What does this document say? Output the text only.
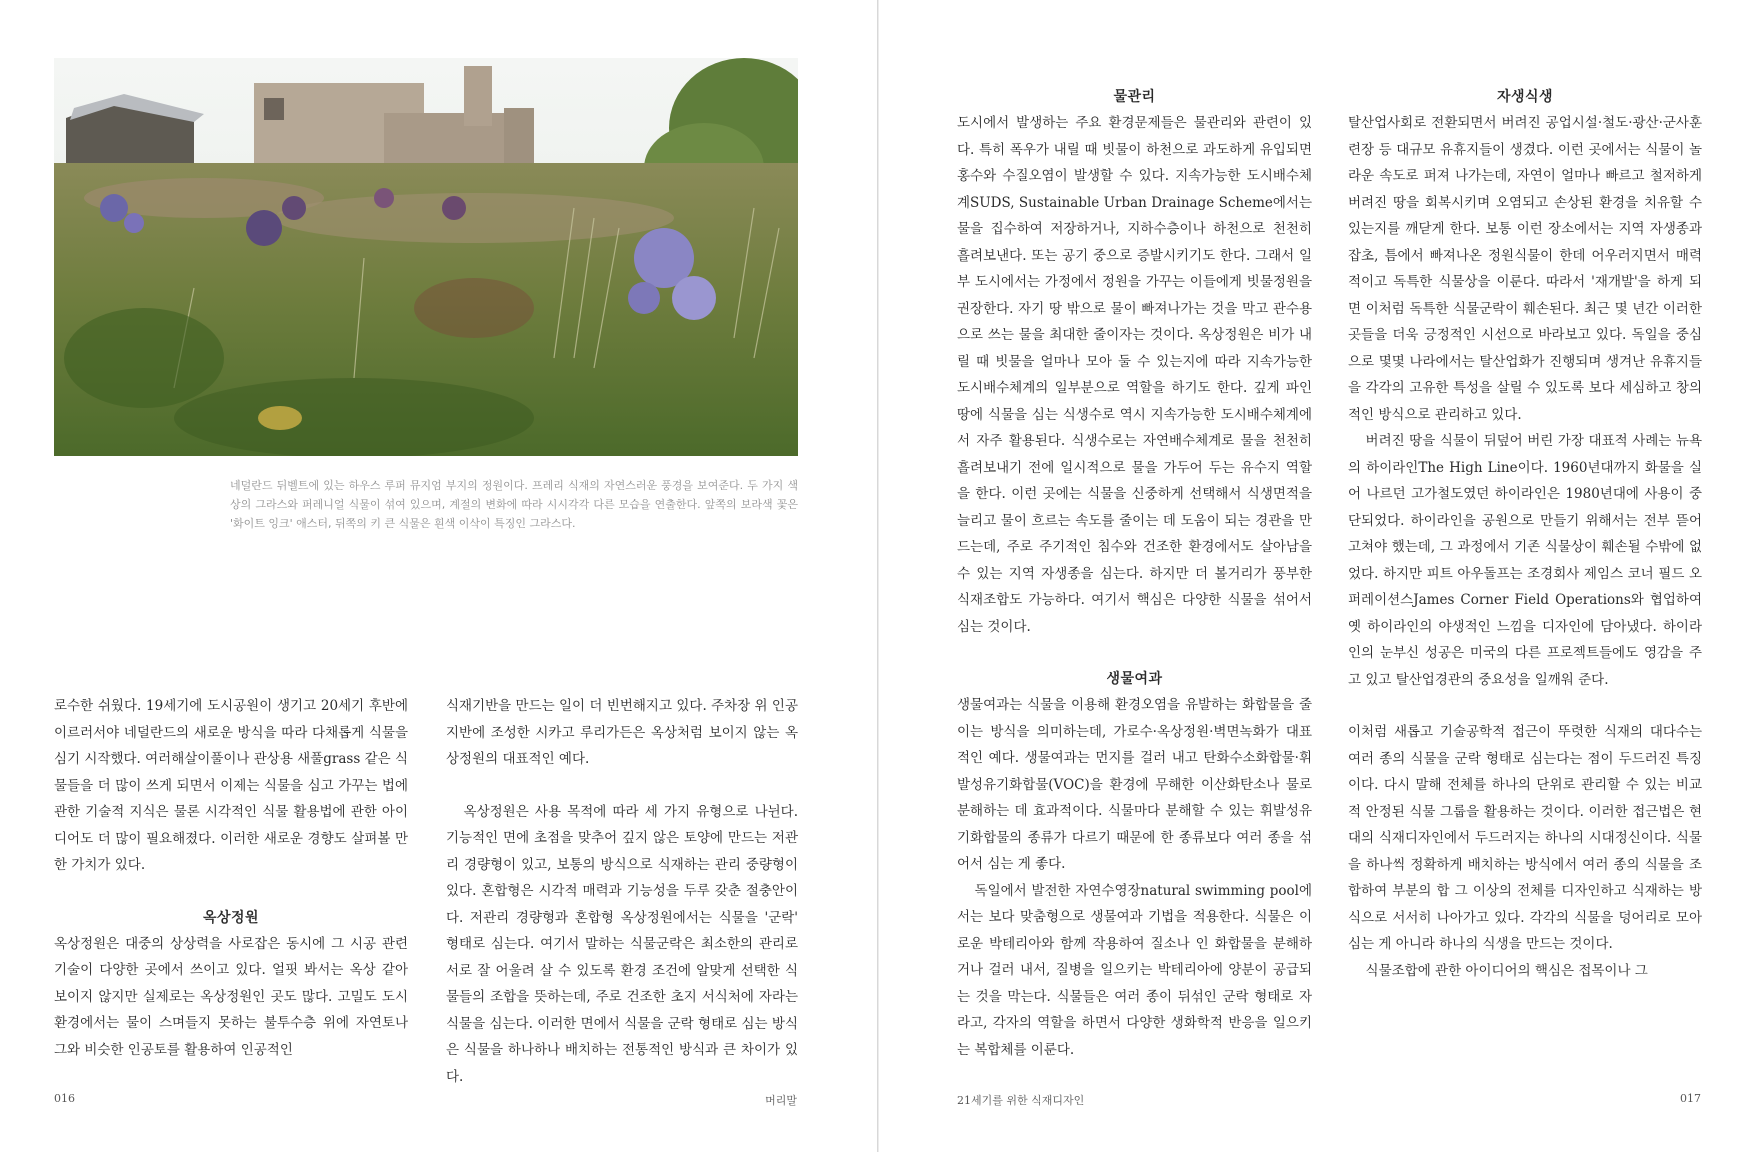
네덜란드 뒤벨트에 있는 하우스 루퍼 뮤지엄 부지의 정원이다. 프레리 식재의 자연스러운 풍경을 보여준다. 두 가지 색상의 그라스와 퍼레니얼 식물이 섞여 있으며, 계절의 변화에 따라 시시각각 다른 모습을 연출한다. 앞쪽의 보라색 꽃은 '화이트 잉크' 애스터, 뒤쪽의 키 큰 식물은 흰색 이삭이 특징인 그라스다.

로수한 쉬웠다. 19세기에 도시공원이 생기고 20세기 후반에 이르러서야 네덜란드의 새로운 방식을 따라 다채롭게 식물을 심기 시작했다. 여러해살이풀이나 관상용 새풀grass 같은 식물들을 더 많이 쓰게 되면서 이제는 식물을 심고 가꾸는 법에 관한 기술적 지식은 물론 시각적인 식물 활용법에 관한 아이디어도 더 많이 필요해졌다. 이러한 새로운 경향도 살펴볼 만한 가치가 있다.

옥상정원

옥상정원은 대중의 상상력을 사로잡은 동시에 그 시공 관련 기술이 다양한 곳에서 쓰이고 있다. 얼핏 봐서는 옥상 같아 보이지 않지만 실제로는 옥상정원인 곳도 많다. 고밀도 도시환경에서는 물이 스며들지 못하는 불투수층 위에 자연토나 그와 비슷한 인공토를 활용하여 인공적인

식재기반을 만드는 일이 더 빈번해지고 있다. 주차장 위 인공지반에 조성한 시카고 루리가든은 옥상처럼 보이지 않는 옥상정원의 대표적인 예다.

옥상정원은 사용 목적에 따라 세 가지 유형으로 나뉜다. 기능적인 면에 초점을 맞추어 깊지 않은 토양에 만드는 저관리 경량형이 있고, 보통의 방식으로 식재하는 관리 중량형이 있다. 혼합형은 시각적 매력과 기능성을 두루 갖춘 절충안이다. 저관리 경량형과 혼합형 옥상정원에서는 식물을 '군락' 형태로 심는다. 여기서 말하는 식물군락은 최소한의 관리로 서로 잘 어울려 살 수 있도록 환경 조건에 알맞게 선택한 식물들의 조합을 뜻하는데, 주로 건조한 초지 서식처에 자라는 식물을 심는다. 이러한 면에서 식물을 군락 형태로 심는 방식은 식물을 하나하나 배치하는 전통적인 방식과 큰 차이가 있다.

016	머리말
물관리

도시에서 발생하는 주요 환경문제들은 물관리와 관련이 있다. 특히 폭우가 내릴 때 빗물이 하천으로 과도하게 유입되면 홍수와 수질오염이 발생할 수 있다. 지속가능한 도시배수체계SUDS, Sustainable Urban Drainage Scheme에서는 물을 집수하여 저장하거나, 지하수층이나 하천으로 천천히 흘려보낸다. 또는 공기 중으로 증발시키기도 한다. 그래서 일부 도시에서는 가정에서 정원을 가꾸는 이들에게 빗물정원을 권장한다. 자기 땅 밖으로 물이 빠져나가는 것을 막고 관수용으로 쓰는 물을 최대한 줄이자는 것이다. 옥상정원은 비가 내릴 때 빗물을 얼마나 모아 둘 수 있는지에 따라 지속가능한 도시배수체계의 일부분으로 역할을 하기도 한다. 깊게 파인 땅에 식물을 심는 식생수로 역시 지속가능한 도시배수체계에서 자주 활용된다. 식생수로는 자연배수체계로 물을 천천히 흘려보내기 전에 일시적으로 물을 가두어 두는 유수지 역할을 한다. 이런 곳에는 식물을 신중하게 선택해서 식생면적을 늘리고 물이 흐르는 속도를 줄이는 데 도움이 되는 경관을 만드는데, 주로 주기적인 침수와 건조한 환경에서도 살아남을 수 있는 지역 자생종을 심는다. 하지만 더 볼거리가 풍부한 식재조합도 가능하다. 여기서 핵심은 다양한 식물을 섞어서 심는 것이다.

생물여과

생물여과는 식물을 이용해 환경오염을 유발하는 화합물을 줄이는 방식을 의미하는데, 가로수·옥상정원·벽면녹화가 대표적인 예다. 생물여과는 먼지를 걸러 내고 탄화수소화합물·휘발성유기화합물(VOC)을 환경에 무해한 이산화탄소나 물로 분해하는 데 효과적이다. 식물마다 분해할 수 있는 휘발성유기화합물의 종류가 다르기 때문에 한 종류보다 여러 종을 섞어서 심는 게 좋다.

독일에서 발전한 자연수영장natural swimming pool에서는 보다 맞춤형으로 생물여과 기법을 적용한다. 식물은 이로운 박테리아와 함께 작용하여 질소나 인 화합물을 분해하거나 걸러 내서, 질병을 일으키는 박테리아에 양분이 공급되는 것을 막는다. 식물들은 여러 종이 뒤섞인 군락 형태로 자라고, 각자의 역할을 하면서 다양한 생화학적 반응을 일으키는 복합체를 이룬다.

자생식생

탈산업사회로 전환되면서 버려진 공업시설·철도·광산·군사훈련장 등 대규모 유휴지들이 생겼다. 이런 곳에서는 식물이 놀라운 속도로 퍼져 나가는데, 자연이 얼마나 빠르고 철저하게 버려진 땅을 회복시키며 오염되고 손상된 환경을 치유할 수 있는지를 깨닫게 한다. 보통 이런 장소에서는 지역 자생종과 잡초, 틈에서 빠져나온 정원식물이 한데 어우러지면서 매력적이고 독특한 식물상을 이룬다. 따라서 '재개발'을 하게 되면 이처럼 독특한 식물군락이 훼손된다. 최근 몇 년간 이러한 곳들을 더욱 긍정적인 시선으로 바라보고 있다. 독일을 중심으로 몇몇 나라에서는 탈산업화가 진행되며 생겨난 유휴지들을 각각의 고유한 특성을 살릴 수 있도록 보다 세심하고 창의적인 방식으로 관리하고 있다.

버려진 땅을 식물이 뒤덮어 버린 가장 대표적 사례는 뉴욕의 하이라인The High Line이다. 1960년대까지 화물을 실어 나르던 고가철도였던 하이라인은 1980년대에 사용이 중단되었다. 하이라인을 공원으로 만들기 위해서는 전부 뜯어고쳐야 했는데, 그 과정에서 기존 식물상이 훼손될 수밖에 없었다. 하지만 피트 아우돌프는 조경회사 제임스 코너 필드 오퍼레이션스James Corner Field Operations와 협업하여 옛 하이라인의 야생적인 느낌을 디자인에 담아냈다. 하이라인의 눈부신 성공은 미국의 다른 프로젝트들에도 영감을 주고 있고 탈산업경관의 중요성을 일깨워 준다.

이처럼 새롭고 기술공학적 접근이 뚜렷한 식재의 대다수는 여러 종의 식물을 군락 형태로 심는다는 점이 두드러진 특징이다. 다시 말해 전체를 하나의 단위로 관리할 수 있는 비교적 안정된 식물 그룹을 활용하는 것이다. 이러한 접근법은 현대의 식재디자인에서 두드러지는 하나의 시대정신이다. 식물을 하나씩 정확하게 배치하는 방식에서 여러 종의 식물을 조합하여 부분의 합 그 이상의 전체를 디자인하고 식재하는 방식으로 서서히 나아가고 있다. 각각의 식물을 덩어리로 모아 심는 게 아니라 하나의 식생을 만드는 것이다.

식물조합에 관한 아이디어의 핵심은 접목이나 그

21세기를 위한 식재디자인	017
